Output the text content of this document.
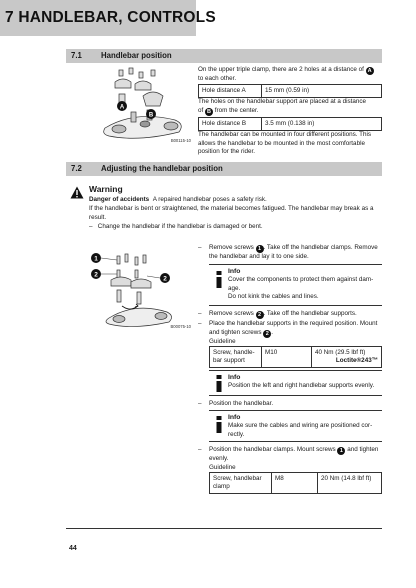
7 HANDLEBAR, CONTROLS
7.1 Handlebar position
A
B
B00115-10
On the upper triple clamp, there are 2 holes at a distance of A
to each other.
Hole distance A	15 mm (0.59 in)
The holes on the handlebar support are placed at a distance
of B from the center.
Hole distance B	3.5 mm (0.138 in)
The handlebar can be mounted in four different positions. This allows the handlebar to be mounted in the most comfortable position for the rider.
7.2 Adjusting the handlebar position
Warning
Danger of accidents A repaired handlebar poses a safety risk.
If the handlebar is bent or straightened, the material becomes fatigued. The handlebar may break as a result.
– Change the handlebar if the handlebar is damaged or bent.
1
2
2
B00075-10
– Remove screws 1 . Take off the handlebar clamps. Remove the handlebar and lay it to one side.
Info
Cover the components to protect them against dam-
age.
Do not kink the cables and lines.
– Remove screws 2 . Take off the handlebar supports.
– Place the handlebar supports in the required position. Mount
and tighten screws 2 .
Guideline
Screw, handle-
bar support
	M10	40 Nm (29.5 lbf ft)
Loctite®243™
Info
Position the left and right handlebar supports evenly.
– Position the handlebar.
Info
Make sure the cables and wiring are positioned cor-
rectly.
– Position the handlebar clamps. Mount screws 1 and tighten
evenly.
Guideline
Screw, handlebar
clamp
	M8	20 Nm (14.8 lbf ft)
44
